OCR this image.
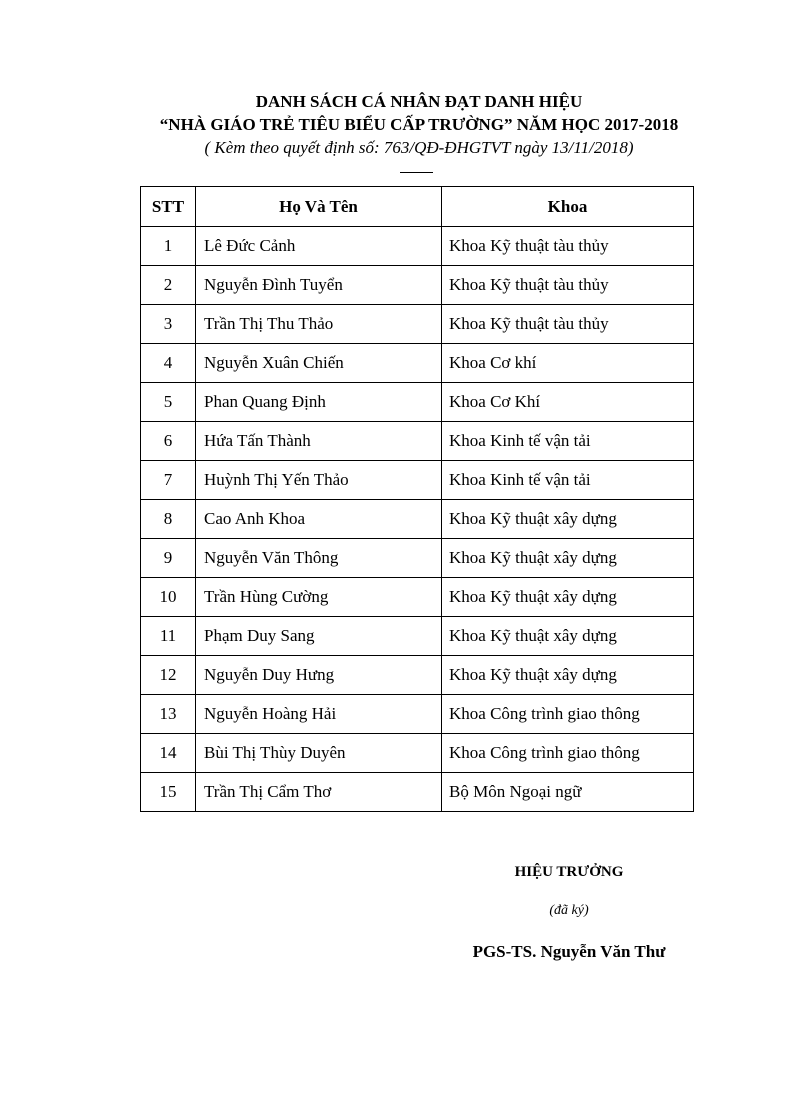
DANH SÁCH CÁ NHÂN ĐẠT DANH HIỆU
“NHÀ GIÁO TRẺ TIÊU BIỂU CẤP TRƯỜNG” NĂM HỌC 2017-2018
( Kèm theo quyết định số: 763/QĐ-ĐHGTVT ngày 13/11/2018)
STT	Họ Và Tên	Khoa
1	Lê Đức Cảnh	Khoa Kỹ thuật tàu thủy
2	Nguyễn Đình Tuyển	Khoa Kỹ thuật tàu thủy
3	Trần Thị Thu Thảo	Khoa Kỹ thuật tàu thủy
4	Nguyễn Xuân Chiến	Khoa Cơ khí
5	Phan Quang Định	Khoa Cơ Khí
6	Hứa Tấn Thành	Khoa Kinh tế vận tải
7	Huỳnh Thị Yến Thảo	Khoa Kinh tế vận tải
8	Cao Anh Khoa	Khoa Kỹ thuật xây dựng
9	Nguyễn Văn Thông	Khoa Kỹ thuật xây dựng
10	Trần Hùng Cường	Khoa Kỹ thuật xây dựng
11	Phạm Duy Sang	Khoa Kỹ thuật xây dựng
12	Nguyễn Duy Hưng	Khoa Kỹ thuật xây dựng
13	Nguyễn Hoàng Hải	Khoa Công trình giao thông
14	Bùi Thị Thùy Duyên	Khoa Công trình giao thông
15	Trần Thị Cẩm Thơ	Bộ Môn Ngoại ngữ
HIỆU TRƯỞNG
(đã ký)
PGS-TS. Nguyễn Văn Thư
